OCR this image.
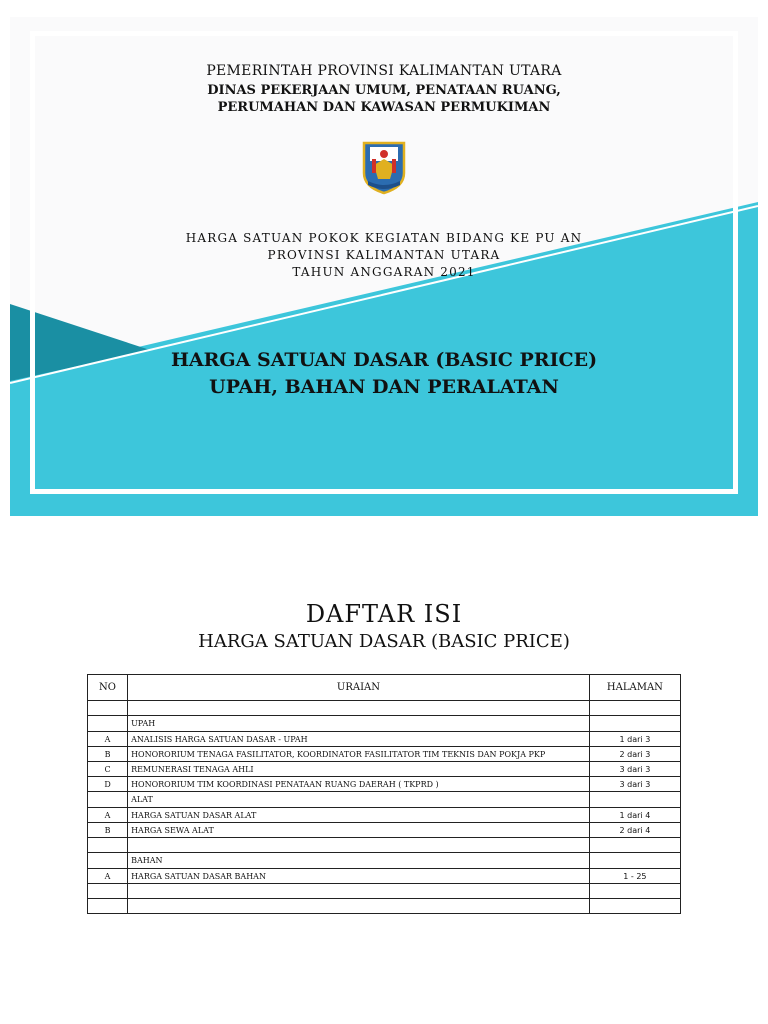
PEMERINTAH PROVINSI KALIMANTAN UTARA
DINAS PEKERJAAN UMUM, PENATAAN RUANG,
PERUMAHAN DAN KAWASAN PERMUKIMAN
HARGA SATUAN POKOK KEGIATAN BIDANG KE PU AN
PROVINSI KALIMANTAN UTARA
TAHUN ANGGARAN 2021
HARGA SATUAN DASAR (BASIC PRICE)
UPAH, BAHAN DAN PERALATAN
DAFTAR ISI
HARGA SATUAN DASAR (BASIC PRICE)
NO	URAIAN	HALAMAN

	UPAH	
A	ANALISIS HARGA SATUAN DASAR - UPAH	1 dari 3
B	HONORORIUM TENAGA FASILITATOR, KOORDINATOR FASILITATOR TIM TEKNIS DAN POKJA PKP	2 dari 3
C	REMUNERASI TENAGA AHLI	3 dari 3
D	HONORORIUM TIM KOORDINASI PENATAAN RUANG DAERAH ( TKPRD )	3 dari 3
	ALAT	
A	HARGA SATUAN DASAR ALAT	1 dari 4
B	HARGA SEWA ALAT	2 dari 4

	BAHAN	
A	HARGA SATUAN DASAR BAHAN	1 - 25
